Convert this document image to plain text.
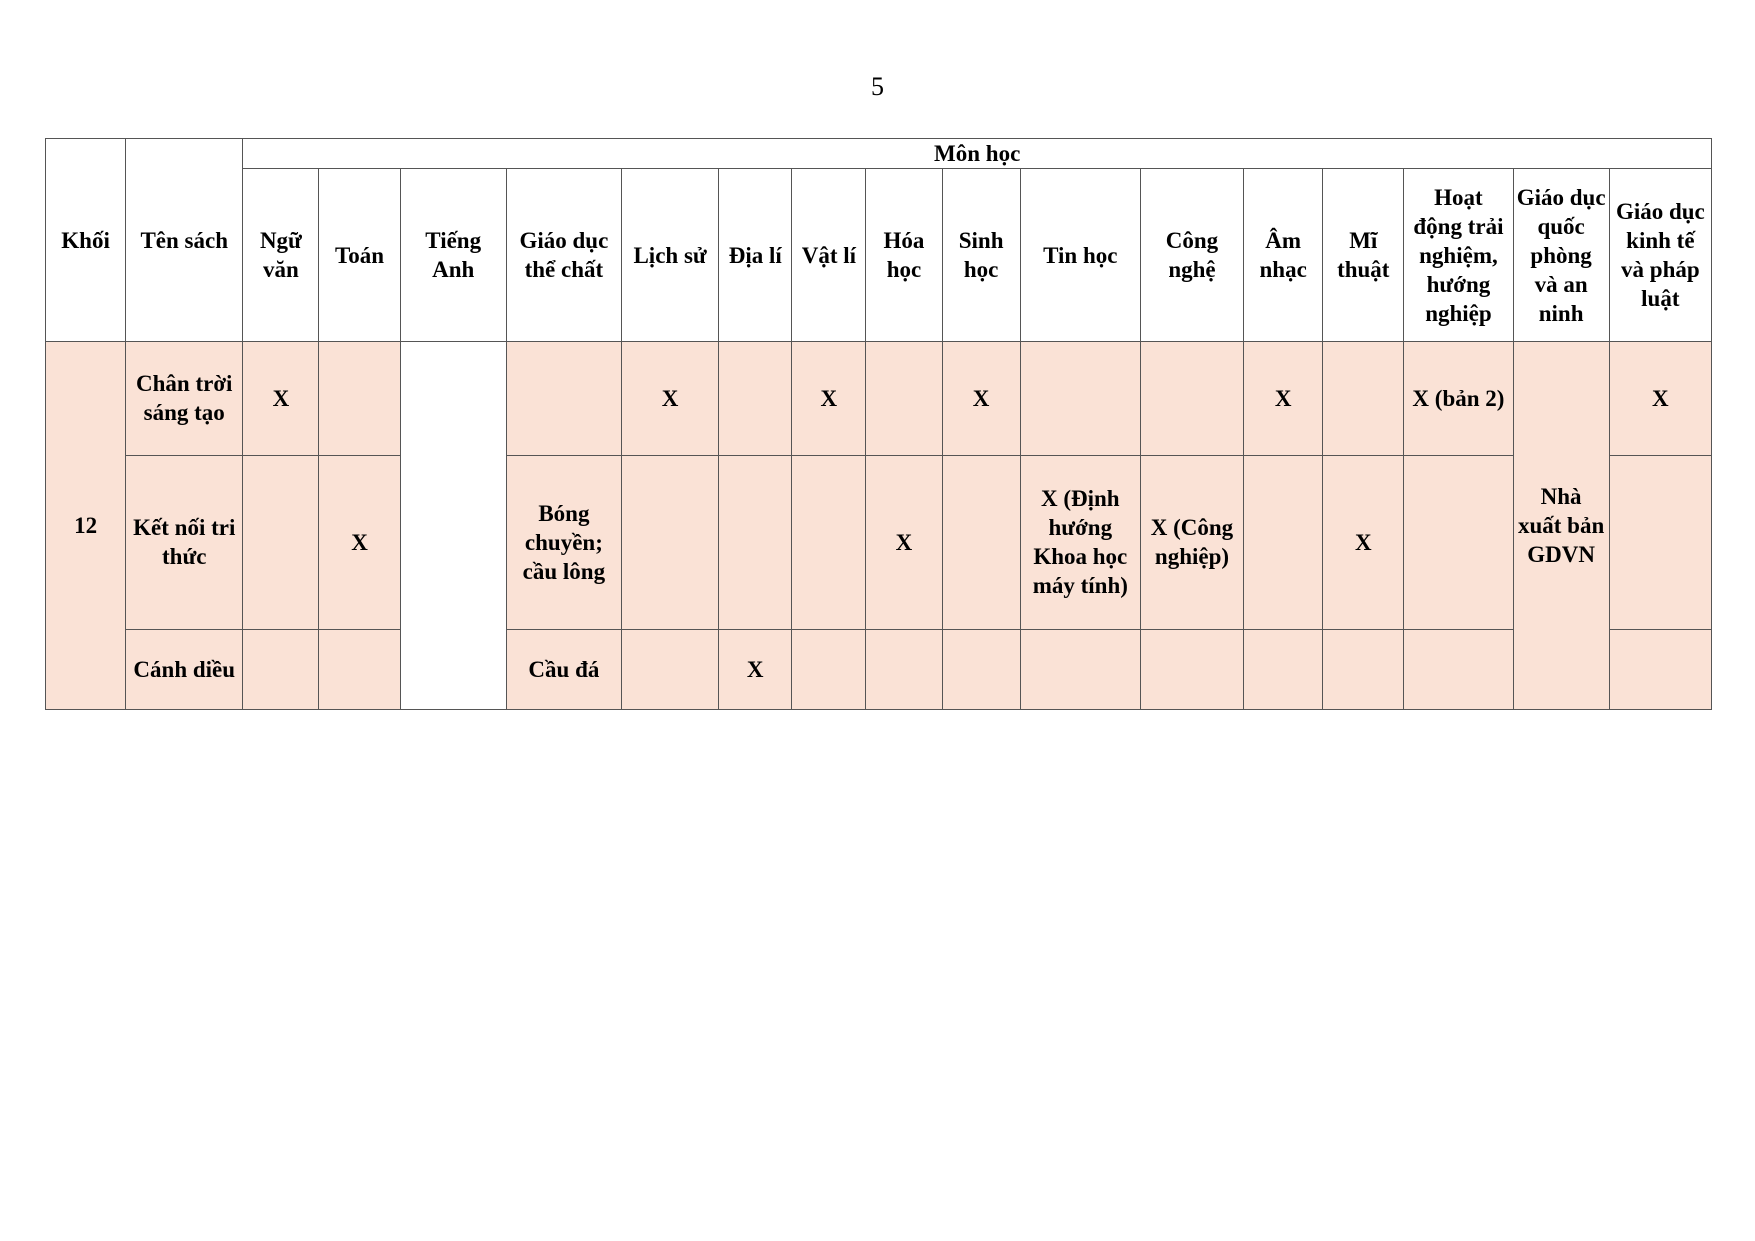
5
Khối	Tên sách	Môn học															
		Ngữ văn	Toán	Tiếng Anh	Giáo dục thể chất	Lịch sử	Địa lí	Vật lí	Hóa học	Sinh học	Tin học	Công nghệ	Âm nhạc	Mĩ thuật	Hoạt động trải nghiệm, hướng nghiệp	Giáo dục quốc phòng và an ninh	Giáo dục kinh tế và pháp luật
12	Chân trời sáng tạo	X				X		X		X			X		X (bản 2)	Nhà xuất bản GDVN	X
	Kết nối tri thức		X		Bóng chuyền; cầu lông				X		X (Định hướng Khoa học máy tính)	X (Công nghiệp)		X			
	Cánh diều				Cầu đá		X										
